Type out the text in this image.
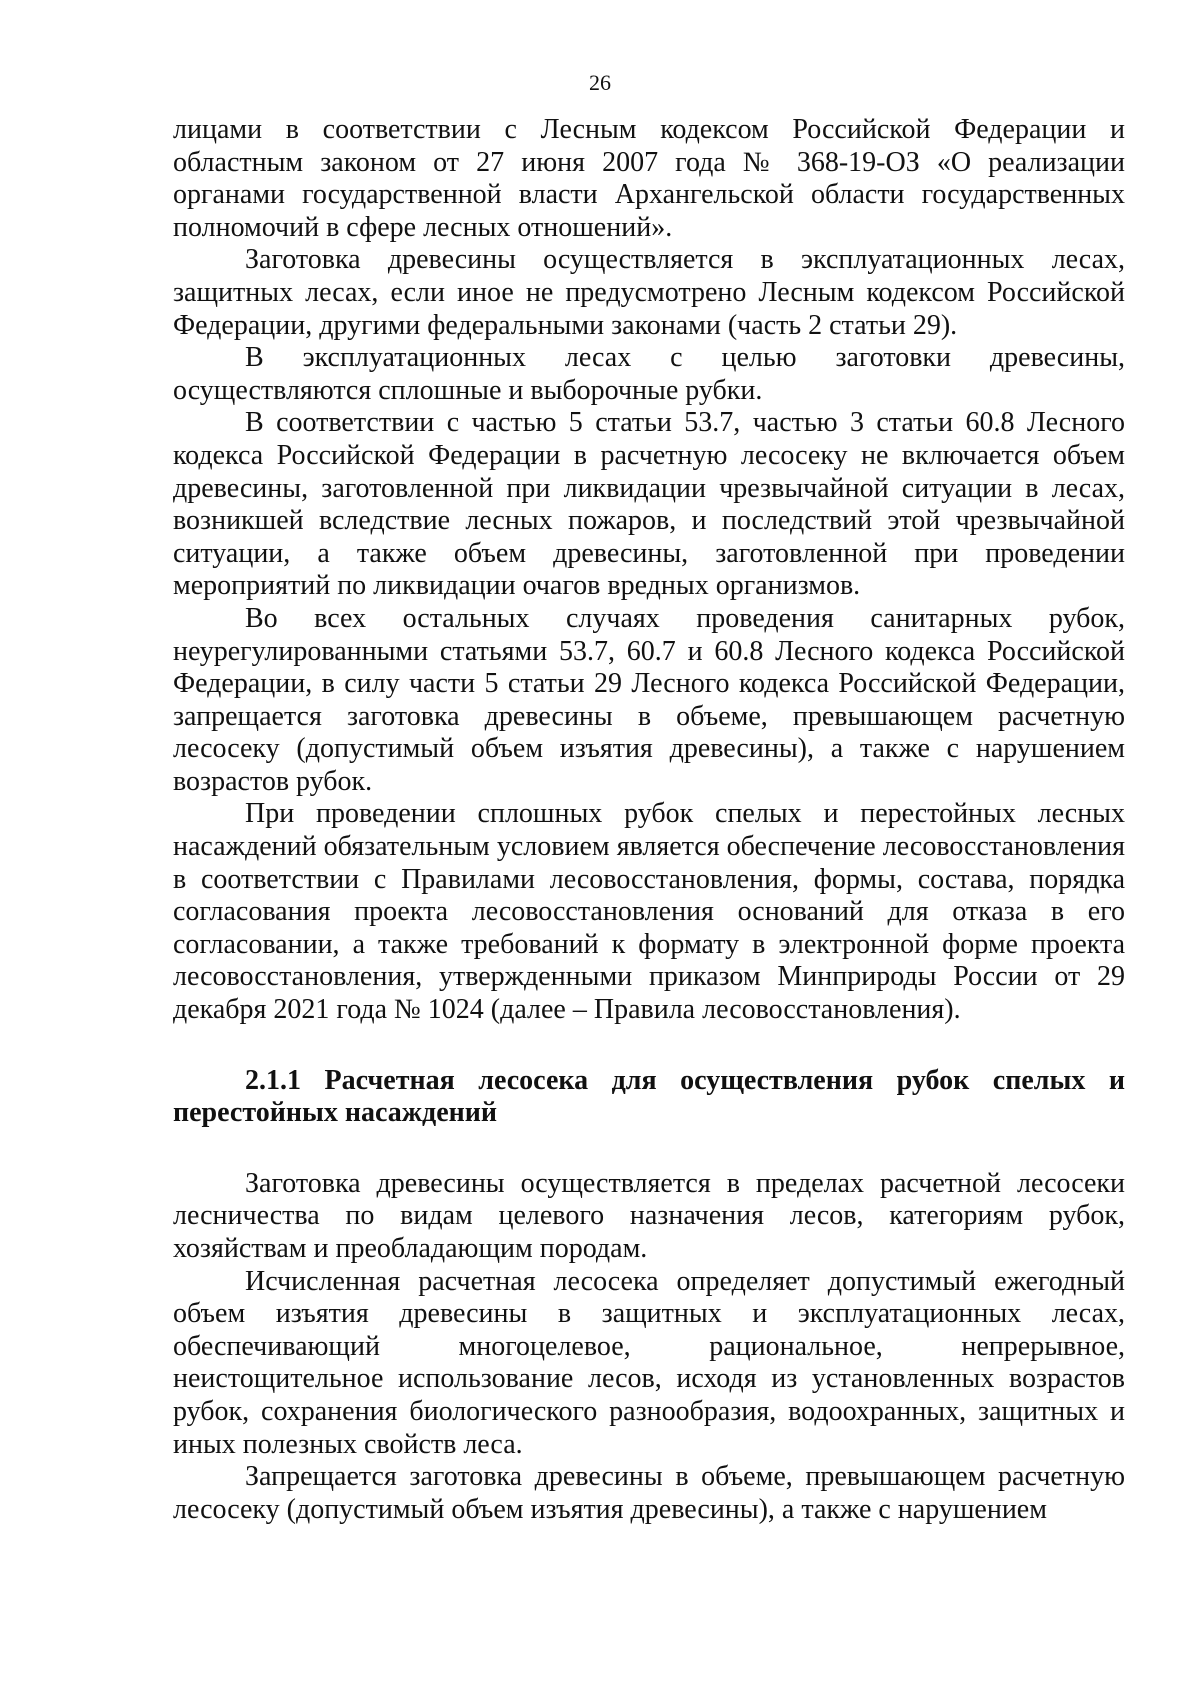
26

лицами в соответствии с Лесным кодексом Российской Федерации и областным законом от 27 июня 2007 года № 368-19-ОЗ «О реализации органами государственной власти Архангельской области государственных полномочий в сфере лесных отношений».

Заготовка древесины осуществляется в эксплуатационных лесах, защитных лесах, если иное не предусмотрено Лесным кодексом Российской Федерации, другими федеральными законами (часть 2 статьи 29).

В эксплуатационных лесах с целью заготовки древесины, осуществляются сплошные и выборочные рубки.

В соответствии с частью 5 статьи 53.7, частью 3 статьи 60.8 Лесного кодекса Российской Федерации в расчетную лесосеку не включается объем древесины, заготовленной при ликвидации чрезвычайной ситуации в лесах, возникшей вследствие лесных пожаров, и последствий этой чрезвычайной ситуации, а также объем древесины, заготовленной при проведении мероприятий по ликвидации очагов вредных организмов.

Во всех остальных случаях проведения санитарных рубок, неурегулированными статьями 53.7, 60.7 и 60.8 Лесного кодекса Российской Федерации, в силу части 5 статьи 29 Лесного кодекса Российской Федерации, запрещается заготовка древесины в объеме, превышающем расчетную лесосеку (допустимый объем изъятия древесины), а также с нарушением возрастов рубок.

При проведении сплошных рубок спелых и перестойных лесных насаждений обязательным условием является обеспечение лесовосстановления в соответствии с Правилами лесовосстановления, формы, состава, порядка согласования проекта лесовосстановления оснований для отказа в его согласовании, а также требований к формату в электронной форме проекта лесовосстановления, утвержденными приказом Минприроды России от 29 декабря 2021 года № 1024 (далее – Правила лесовосстановления).

2.1.1 Расчетная лесосека для осуществления рубок спелых и перестойных насаждений

Заготовка древесины осуществляется в пределах расчетной лесосеки лесничества по видам целевого назначения лесов, категориям рубок, хозяйствам и преобладающим породам.

Исчисленная расчетная лесосека определяет допустимый ежегодный объем изъятия древесины в защитных и эксплуатационных лесах, обеспечивающий многоцелевое, рациональное, непрерывное, неистощительное использование лесов, исходя из установленных возрастов рубок, сохранения биологического разнообразия, водоохранных, защитных и иных полезных свойств леса.

Запрещается заготовка древесины в объеме, превышающем расчетную лесосеку (допустимый объем изъятия древесины), а также с нарушением
